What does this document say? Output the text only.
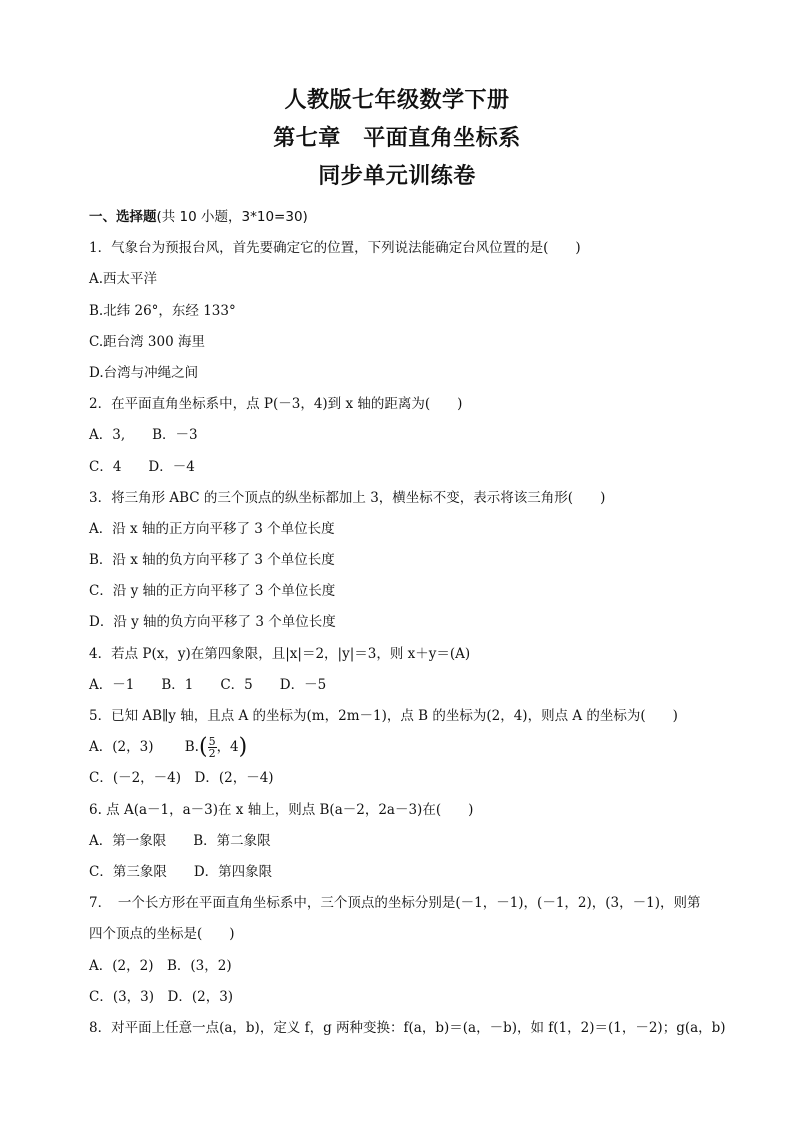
人教版七年级数学下册
第七章　平面直角坐标系
同步单元训练卷
一、选择题(共 10 小题，3*10=30)
1．气象台为预报台风，首先要确定它的位置，下列说法能确定台风位置的是(　　)
A.西太平洋
B.北纬 26°，东经 133°
C.距台湾 300 海里
D.台湾与冲绳之间
2．在平面直角坐标系中，点 P(－3，4)到 x 轴的距离为(　　)
A．3,　　B．－3
C．4　　D．－4
3．将三角形 ABC 的三个顶点的纵坐标都加上 3，横坐标不变，表示将该三角形(　　)
A．沿 x 轴的正方向平移了 3 个单位长度
B．沿 x 轴的负方向平移了 3 个单位长度
C．沿 y 轴的正方向平移了 3 个单位长度
D．沿 y 轴的负方向平移了 3 个单位长度
4．若点 P(x，y)在第四象限，且|x|＝2，|y|＝3，则 x＋y＝(A)
A．－1　　B．1　　C．5　　D．－5
5．已知 AB∥y 轴，且点 A 的坐标为(m，2m－1)，点 B 的坐标为(2，4)，则点 A 的坐标为(　　)
A．(2，3)　　 $B.( \frac{5}{2}$ ，4)
C．(－2，－4)　D．(2，－4)
6. 点 A(a－1，a－3)在 x 轴上，则点 B(a－2，2a－3)在(　　)
A．第一象限　　B．第二象限
C．第三象限　　D．第四象限
7．　一个长方形在平面直角坐标系中，三个顶点的坐标分别是(－1，－1)，(－1，2)，(3，－1)，则第
四个顶点的坐标是(　　)
A．(2，2)　B．(3，2)
C．(3，3)　D．(2，3)
8．对平面上任意一点(a，b)，定义 f，g 两种变换：f(a，b)＝(a，－b)，如 f(1，2)＝(1，－2)；g(a，b)
